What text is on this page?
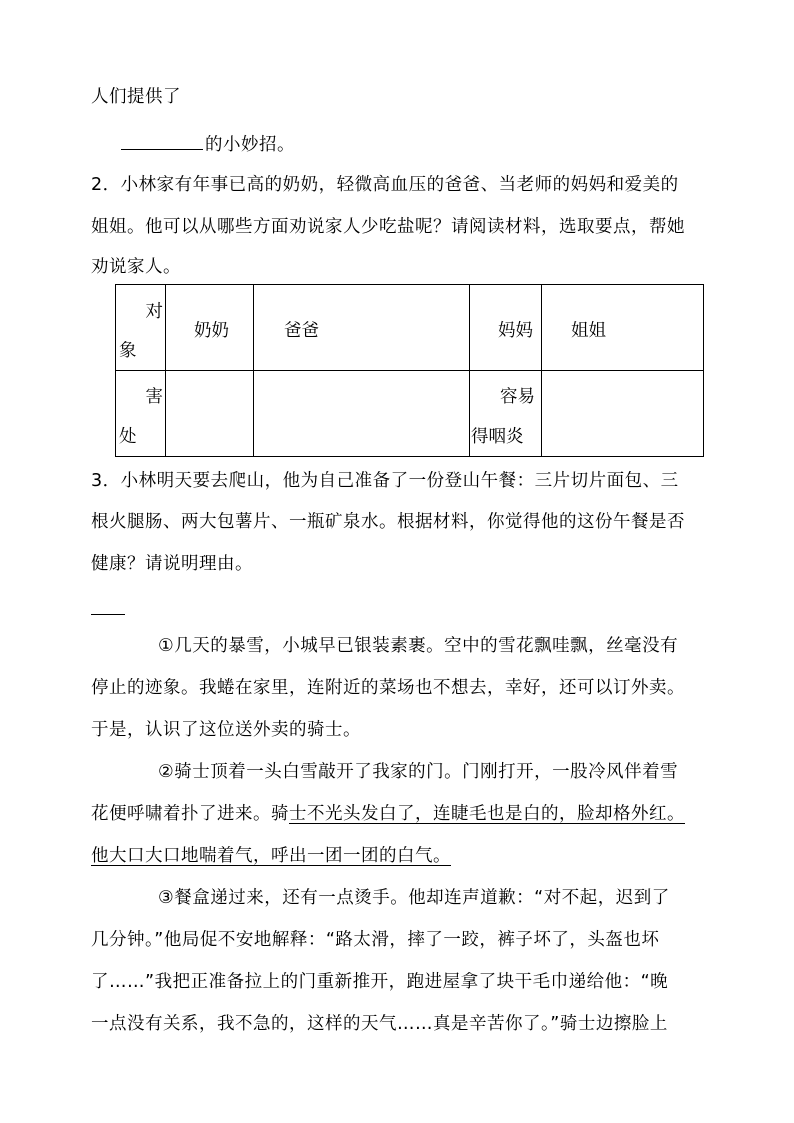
人们提供了
的小妙招。
2．小林家有年事已高的奶奶，轻微高血压的爸爸、当老师的妈妈和爱美的
姐姐。他可以从哪些方面劝说家人少吃盐呢？请阅读材料，选取要点，帮她
劝说家人。
对
象	奶奶	爸爸	妈妈	姐姐

害
处			容易
得咽炎	

3．小林明天要去爬山，他为自己准备了一份登山午餐：三片切片面包、三
根火腿肠、两大包薯片、一瓶矿泉水。根据材料，你觉得他的这份午餐是否
健康？请说明理由。
①几天的暴雪，小城早已银装素裹。空中的雪花飘哇飘，丝毫没有
停止的迹象。我蜷在家里，连附近的菜场也不想去，幸好，还可以订外卖。
于是，认识了这位送外卖的骑士。
②骑士顶着一头白雪敲开了我家的门。门刚打开，一股冷风伴着雪
花便呼啸着扑了进来。骑士不光头发白了，连睫毛也是白的，脸却格外红。
他大口大口地喘着气，呼出一团一团的白气。
③餐盒递过来，还有一点烫手。他却连声道歉：“对不起，迟到了
几分钟。”他局促不安地解释：“路太滑，摔了一跤，裤子坏了，头盔也坏
了……”我把正准备拉上的门重新推开，跑进屋拿了块干毛巾递给他：“晚
一点没有关系，我不急的，这样的天气……真是辛苦你了。”骑士边擦脸上
